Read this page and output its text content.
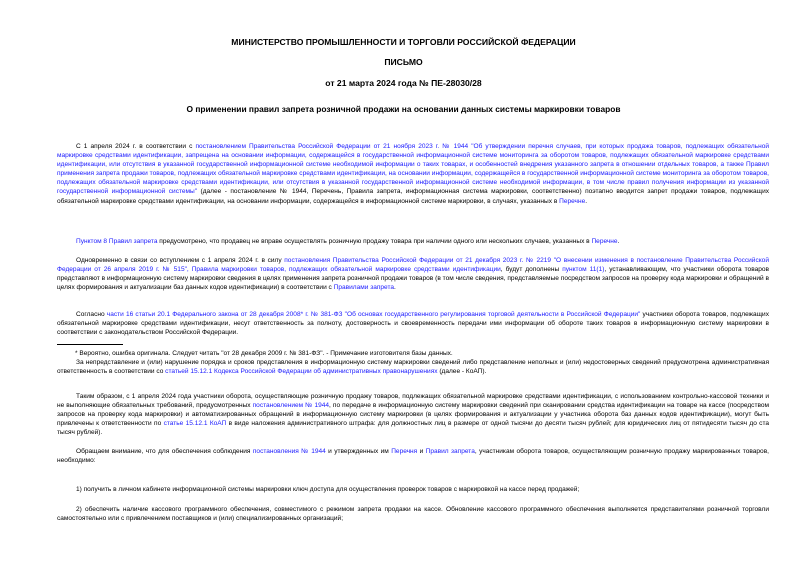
МИНИСТЕРСТВО ПРОМЫШЛЕННОСТИ И ТОРГОВЛИ РОССИЙСКОЙ ФЕДЕРАЦИИ
ПИСЬМО
от 21 марта 2024 года № ПЕ-28030/28
О применении правил запрета розничной продажи на основании данных системы маркировки товаров

С 1 апреля 2024 г. в соответствии с постановлением Правительства Российской Федерации от 21 ноября 2023 г. № 1944 "Об утверждении перечня случаев, при которых продажа товаров, подлежащих обязательной маркировке средствами идентификации, запрещена на основании информации, содержащейся в государственной информационной системе мониторинга за оборотом товаров, подлежащих обязательной маркировке средствами идентификации, или отсутствия в указанной государственной информационной системе необходимой информации о таких товарах, и особенностей внедрения указанного запрета в отношении отдельных товаров, а также Правил применения запрета продажи товаров, подлежащих обязательной маркировке средствами идентификации, на основании информации, содержащейся в государственной информационной системе мониторинга за оборотом товаров, подлежащих обязательной маркировке средствами идентификации, или отсутствия в указанной государственной информационной системе необходимой информации, в том числе правил получения информации из указанной государственной информационной системы" (далее - постановление № 1944, Перечень, Правила запрета, информационная система маркировки, соответственно) поэтапно вводится запрет продажи товаров, подлежащих обязательной маркировке средствами идентификации, на основании информации, содержащейся в информационной системе маркировки, в случаях, указанных в Перечне.

Пунктом 8 Правил запрета предусмотрено, что продавец не вправе осуществлять розничную продажу товара при наличии одного или нескольких случаев, указанных в Перечне.

Одновременно в связи со вступлением с 1 апреля 2024 г. в силу постановления Правительства Российской Федерации от 21 декабря 2023 г. № 2219 "О внесении изменения в постановление Правительства Российской Федерации от 26 апреля 2019 г. № 515", Правила маркировки товаров, подлежащих обязательной маркировке средствами идентификации, будут дополнены пунктом 11(1), устанавливающим, что участники оборота товаров представляют в информационную систему маркировки сведения в целях применения запрета розничной продажи товаров (в том числе сведения, представляемые посредством запросов на проверку кода маркировки и обращений в целях формирования и актуализации баз данных кодов идентификации) в соответствии с Правилами запрета.

Согласно части 16 статьи 20.1 Федерального закона от 28 декабря 2008* г. № 381-ФЗ "Об основах государственного регулирования торговой деятельности в Российской Федерации" участники оборота товаров, подлежащих обязательной маркировке средствами идентификации, несут ответственность за полноту, достоверность и своевременность передачи ими информации об обороте таких товаров в информационную систему маркировки в соответствии с законодательством Российской Федерации.

* Вероятно, ошибка оригинала. Следует читать "от 28 декабря 2009 г. № 381-ФЗ". - Примечание изготовителя базы данных.

За непредставление и (или) нарушение порядка и сроков представления в информационную систему маркировки сведений либо представление неполных и (или) недостоверных сведений предусмотрена административная ответственность в соответствии со статьей 15.12.1 Кодекса Российской Федерации об административных правонарушениях (далее - КоАП).

Таким образом, с 1 апреля 2024 года участники оборота, осуществляющие розничную продажу товаров, подлежащих обязательной маркировке средствами идентификации, с использованием контрольно-кассовой техники и не выполняющие обязательных требований, предусмотренных постановлением № 1944, по передаче в информационную систему маркировки сведений при сканировании средства идентификации на товаре на кассе (посредством запросов на проверку кода маркировки) и автоматизированных обращений в информационную систему маркировки (в целях формирования и актуализации у участника оборота баз данных кодов идентификации), могут быть привлечены к ответственности по статье 15.12.1 КоАП в виде наложения административного штрафа: для должностных лиц в размере от одной тысячи до десяти тысяч рублей; для юридических лиц от пятидесяти тысяч до ста тысяч рублей).

Обращаем внимание, что для обеспечения соблюдения постановления № 1944 и утвержденных им Перечня и Правил запрета, участникам оборота товаров, осуществляющим розничную продажу маркированных товаров, необходимо:

1) получить в личном кабинете информационной системы маркировки ключ доступа для осуществления проверок товаров с маркировкой на кассе перед продажей;

2) обеспечить наличие кассового программного обеспечения, совместимого с режимом запрета продажи на кассе. Обновление кассового программного обеспечения выполняется представителями розничной торговли самостоятельно или с привлечением поставщиков и (или) специализированных организаций;
